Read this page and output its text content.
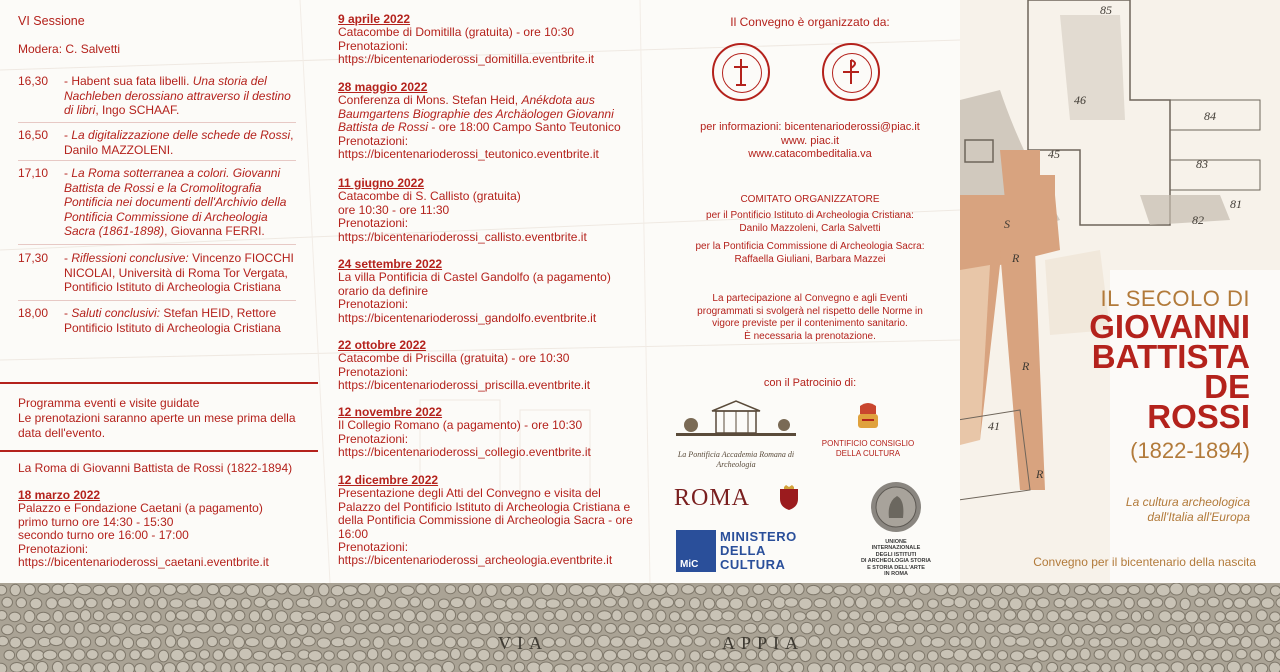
VI Sessione
Modera: C. Salvetti
16,30	- Habent sua fata libelli. Una storia del Nachleben derossiano attraverso il destino di libri, Ingo SCHAAF.
16,50	- La digitalizzazione delle schede de Rossi, Danilo MAZZOLENI.
17,10	- La Roma sotterranea a colori. Giovanni Battista de Rossi e la Cromolitografia Pontificia nei documenti dell'Archivio della Pontificia Commissione di Archeologia Sacra (1861-1898), Giovanna FERRI.
17,30	- Riflessioni conclusive: Vincenzo FIOCCHI NICOLAI, Università di Roma Tor Vergata, Pontificio Istituto di Archeologia Cristiana
18,00	- Saluti conclusivi: Stefan HEID, Rettore Pontificio Istituto di Archeologia Cristiana
Programma eventi e visite guidate
Le prenotazioni saranno aperte un mese prima della data dell'evento.
La Roma di Giovanni Battista de Rossi (1822-1894)
18 marzo 2022
Palazzo e Fondazione Caetani (a pagamento)
primo turno ore 14:30 - 15:30
secondo turno ore 16:00 - 17:00
Prenotazioni:
https://bicentenarioderossi_caetani.eventbrite.it
9 aprile 2022
Catacombe di Domitilla (gratuita) - ore 10:30
Prenotazioni:
https://bicentenarioderossi_domitilla.eventbrite.it
28 maggio 2022
Conferenza di Mons. Stefan Heid, Anékdota aus Baumgartens Biographie des Archäologen Giovanni Battista de Rossi - ore 18:00 Campo Santo Teutonico
Prenotazioni:
https://bicentenarioderossi_teutonico.eventbrite.it
11 giugno 2022
Catacombe di S. Callisto (gratuita)
ore 10:30 - ore 11:30
Prenotazioni:
https://bicentenarioderossi_callisto.eventbrite.it
24 settembre 2022
La villa Pontificia di Castel Gandolfo (a pagamento)
orario da definire
Prenotazioni:
https://bicentenarioderossi_gandolfo.eventbrite.it
22 ottobre 2022
Catacombe di Priscilla (gratuita) - ore 10:30
Prenotazioni:
https://bicentenarioderossi_priscilla.eventbrite.it
12 novembre 2022
Il Collegio Romano (a pagamento) - ore 10:30
Prenotazioni:
https://bicentenarioderossi_collegio.eventbrite.it
12 dicembre 2022
Presentazione degli Atti del Convegno e visita del Palazzo del Pontificio Istituto di Archeologia Cristiana e della Pontificia Commissione di Archeologia Sacra - ore 16:00
Prenotazioni:
https://bicentenarioderossi_archeologia.eventbrite.it
Il Convegno è organizzato da:
per informazioni: bicentenarioderossi@piac.it
www. piac.it
www.catacombeditalia.va
COMITATO ORGANIZZATORE
per il Pontificio Istituto di Archeologia Cristiana:
Danilo Mazzoleni, Carla Salvetti
per la Pontificia Commissione di Archeologia Sacra:
Raffaella Giuliani, Barbara Mazzei
La partecipazione al Convegno e agli Eventi
programmati si svolgerà nel rispetto delle Norme in
vigore previste per il contenimento sanitario.
È necessaria la prenotazione.
con il Patrocinio di:
La Pontificia Accademia Romana di Archeologia
PONTIFICIO CONSIGLIO DELLA CULTURA
ROMA
MiC
MINISTERO
DELLA
CULTURA
UNIONE
INTERNAZIONALE
DEGLI ISTITUTI
DI ARCHEOLOGIA STORIA
E STORIA DELL'ARTE
IN ROMA
85
84
83
82
81
46
45
S
R
R
R
41
IL SECOLO DI
GIOVANNI
BATTISTA
DE
ROSSI
(1822-1894)
La cultura archeologica
dall'Italia all'Europa
Convegno per il bicentenario della nascita
VIA	APPIA
